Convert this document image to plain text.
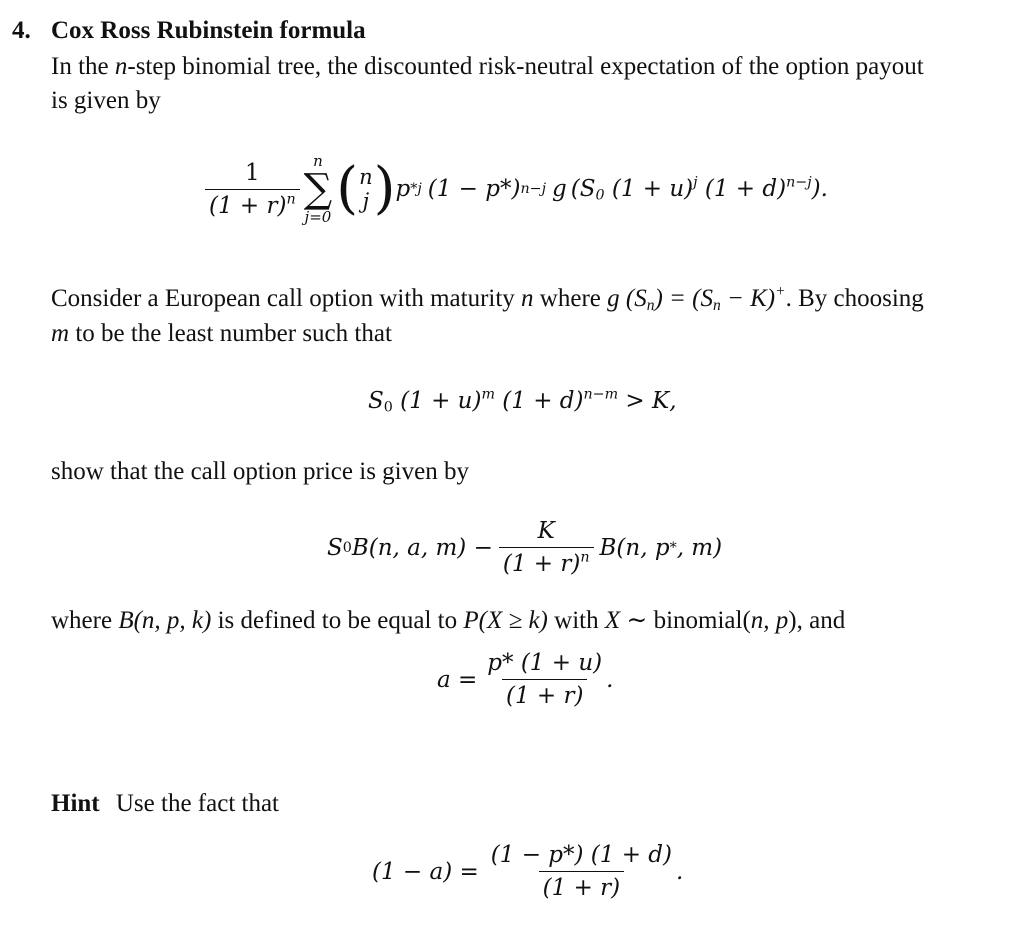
4. Cox Ross Rubinstein formula
In the n-step binomial tree, the discounted risk-neutral expectation of the option payout
is given by
$\frac{1}{(1 + r)^n}$ n
∑
j=0 ( n
j ) p *j (1 − p*) n−j g ($S_0$ $(1 + u)^j$ $(1 + d)^{n-j}$).
Consider a European call option with maturity n where g $(S_n) = (S_n - K)^+$. By choosing
m to be the least number such that
$S_0$ $(1 + u)^m$ $(1 + d)^{n-m} > K$,
show that the call option price is given by
S 0 B(n, a, $m) - \frac{K}{(1 + r)^n} B(n$, p * , m)
where B(n, p, k) is defined to be equal to P(X ≥ k) with X ∼ binomial(n, p), and
$a = \frac{p* (1 + u)}{(1 + r)}$ .
Hint Use the fact that
$(1 - a) = \frac{(1 - p*) (1 + d)}{(1 + r)}$ .
